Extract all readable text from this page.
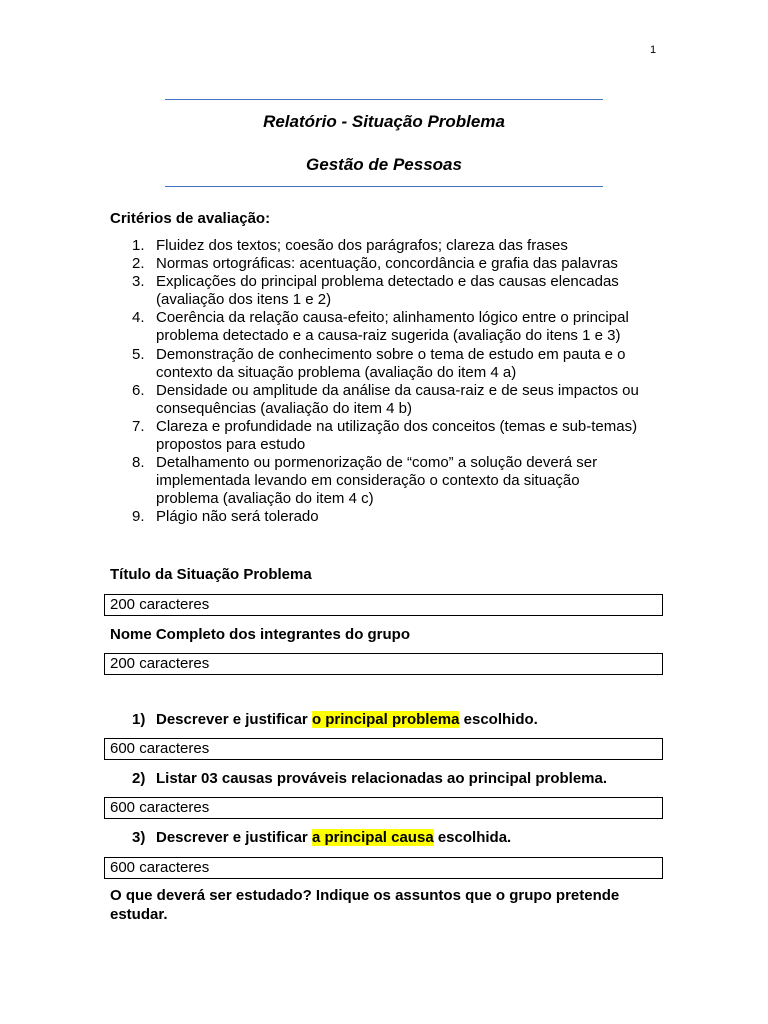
1
Relatório - Situação Problema
Gestão de Pessoas
Critérios de avaliação:
1. Fluidez dos textos; coesão dos parágrafos; clareza das frases
2. Normas ortográficas: acentuação, concordância e grafia das palavras
3. Explicações do principal problema detectado e das causas elencadas
(avaliação dos itens 1 e 2)
4. Coerência da relação causa-efeito; alinhamento lógico entre o principal
problema detectado e a causa-raiz sugerida (avaliação do itens 1 e 3)
5. Demonstração de conhecimento sobre o tema de estudo em pauta e o
contexto da situação problema (avaliação do item 4 a)
6. Densidade ou amplitude da análise da causa-raiz e de seus impactos ou
consequências (avaliação do item 4 b)
7. Clareza e profundidade na utilização dos conceitos (temas e sub-temas)
propostos para estudo
8. Detalhamento ou pormenorização de “como” a solução deverá ser
implementada levando em consideração o contexto da situação
problema (avaliação do item 4 c)
9. Plágio não será tolerado
Título da Situação Problema
200 caracteres
Nome Completo dos integrantes do grupo
200 caracteres
1) Descrever e justificar o principal problema escolhido.
600 caracteres
2) Listar 03 causas prováveis relacionadas ao principal problema.
600 caracteres
3) Descrever e justificar a principal causa escolhida.
600 caracteres
O que deverá ser estudado? Indique os assuntos que o grupo pretende
estudar.
